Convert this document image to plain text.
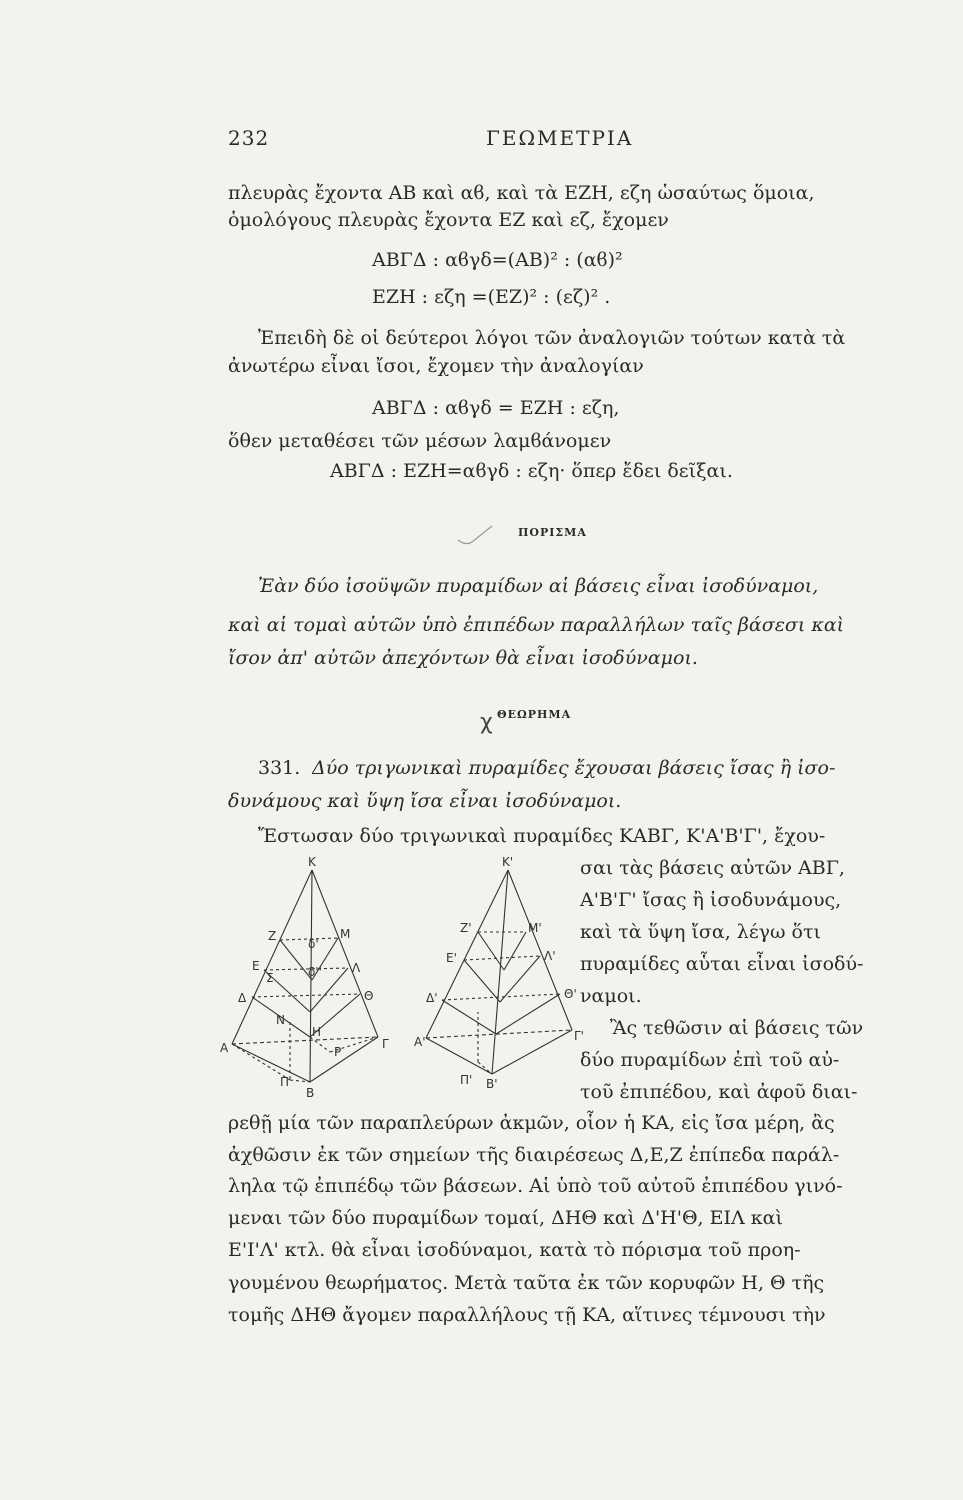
232	ΓΕΩΜΕΤΡΙΑ
πλευρὰς ἔχοντα ΑΒ καὶ αϐ, καὶ τὰ ΕΖΗ, εζη ὡσαύτως ὅμοια,
ὁμολόγους πλευρὰς ἔχοντα ΕΖ καὶ εζ, ἔχομεν
ΑΒΓΔ : αϐγδ=(ΑΒ)² : (αϐ)²
ΕΖΗ : εζη =(ΕΖ)² : (εζ)² .
Ἐπειδὴ δὲ οἱ δεύτεροι λόγοι τῶν ἀναλογιῶν τούτων κατὰ τὰ
ἀνωτέρω εἶναι ἴσοι, ἔχομεν τὴν ἀναλογίαν
ΑΒΓΔ : αϐγδ = ΕΖΗ : εζη,
ὅθεν μεταθέσει τῶν μέσων λαμϐάνομεν
ΑΒΓΔ : ΕΖΗ=αϐγδ : εζη· ὅπερ ἔδει δεῖξαι.
ΠΟΡΙΣΜΑ
Ἐὰν δύο ἰσοϋψῶν πυραμίδων αἱ βάσεις εἶναι ἰσοδύναμοι,
καὶ αἱ τομαὶ αὐτῶν ὑπὸ ἐπιπέδων παραλλήλων ταῖς βάσεσι καὶ
ἴσον ἀπ' αὐτῶν ἀπεχόντων θὰ εἶναι ἰσοδύναμοι.
χ ΘΕΩΡΗΜΑ
331. Δύο τριγωνικαὶ πυραμίδες ἔχουσαι βάσεις ἴσας ἢ ἰσο-
δυνάμους καὶ ὕψη ἴσα εἶναι ἰσοδύναμοι.
Ἔστωσαν δύο τριγωνικαὶ πυραμίδες ΚΑΒΓ, Κ'Α'Β'Γ', ἔχου-
σαι τὰς βάσεις αὐτῶν ΑΒΓ,
Α'Β'Γ' ἴσας ἢ ἰσοδυνάμους,
καὶ τὰ ὕψη ἴσα, λέγω ὅτι
πυραμίδες αὗται εἶναι ἰσοδύ-
ναμοι.
Ἂς τεθῶσιν αἱ βάσεις τῶν
δύο πυραμίδων ἐπὶ τοῦ αὐ-
τοῦ ἐπιπέδου, καὶ ἀφοῦ διαι-
ρεθῇ μία τῶν παραπλεύρων ἀκμῶν, οἷον ἡ ΚΑ, εἰς ἴσα μέρη, ἂς
ἀχθῶσιν ἐκ τῶν σημείων τῆς διαιρέσεως Δ,Ε,Ζ ἐπίπεδα παράλ-
ληλα τῷ ἐπιπέδῳ τῶν βάσεων. Αἱ ὑπὸ τοῦ αὐτοῦ ἐπιπέδου γινό-
μεναι τῶν δύο πυραμίδων τομαί, ΔΗΘ καὶ Δ'Η'Θ, ΕΙΛ καὶ
Ε'Ι'Λ' κτλ. θὰ εἶναι ἰσοδύναμοι, κατὰ τὸ πόρισμα τοῦ προη-
γουμένου θεωρήματος. Μετὰ ταῦτα ἐκ τῶν κορυφῶν Η, Θ τῆς
τομῆς ΔΗΘ ἄγομεν παραλλήλους τῇ ΚΑ, αἵτινες τέμνουσι τὴν
Κ
Ζ	Μ
Ε	Λ
Σ
δ'
δ''
Δ	Θ
Ν
Η
Α	Γ
Ρ
Π
Β
Κ'
Ζ'	Μ'
Ε'	Λ'
Δ'	Θ'
Α'	Γ'
Π' Β'
